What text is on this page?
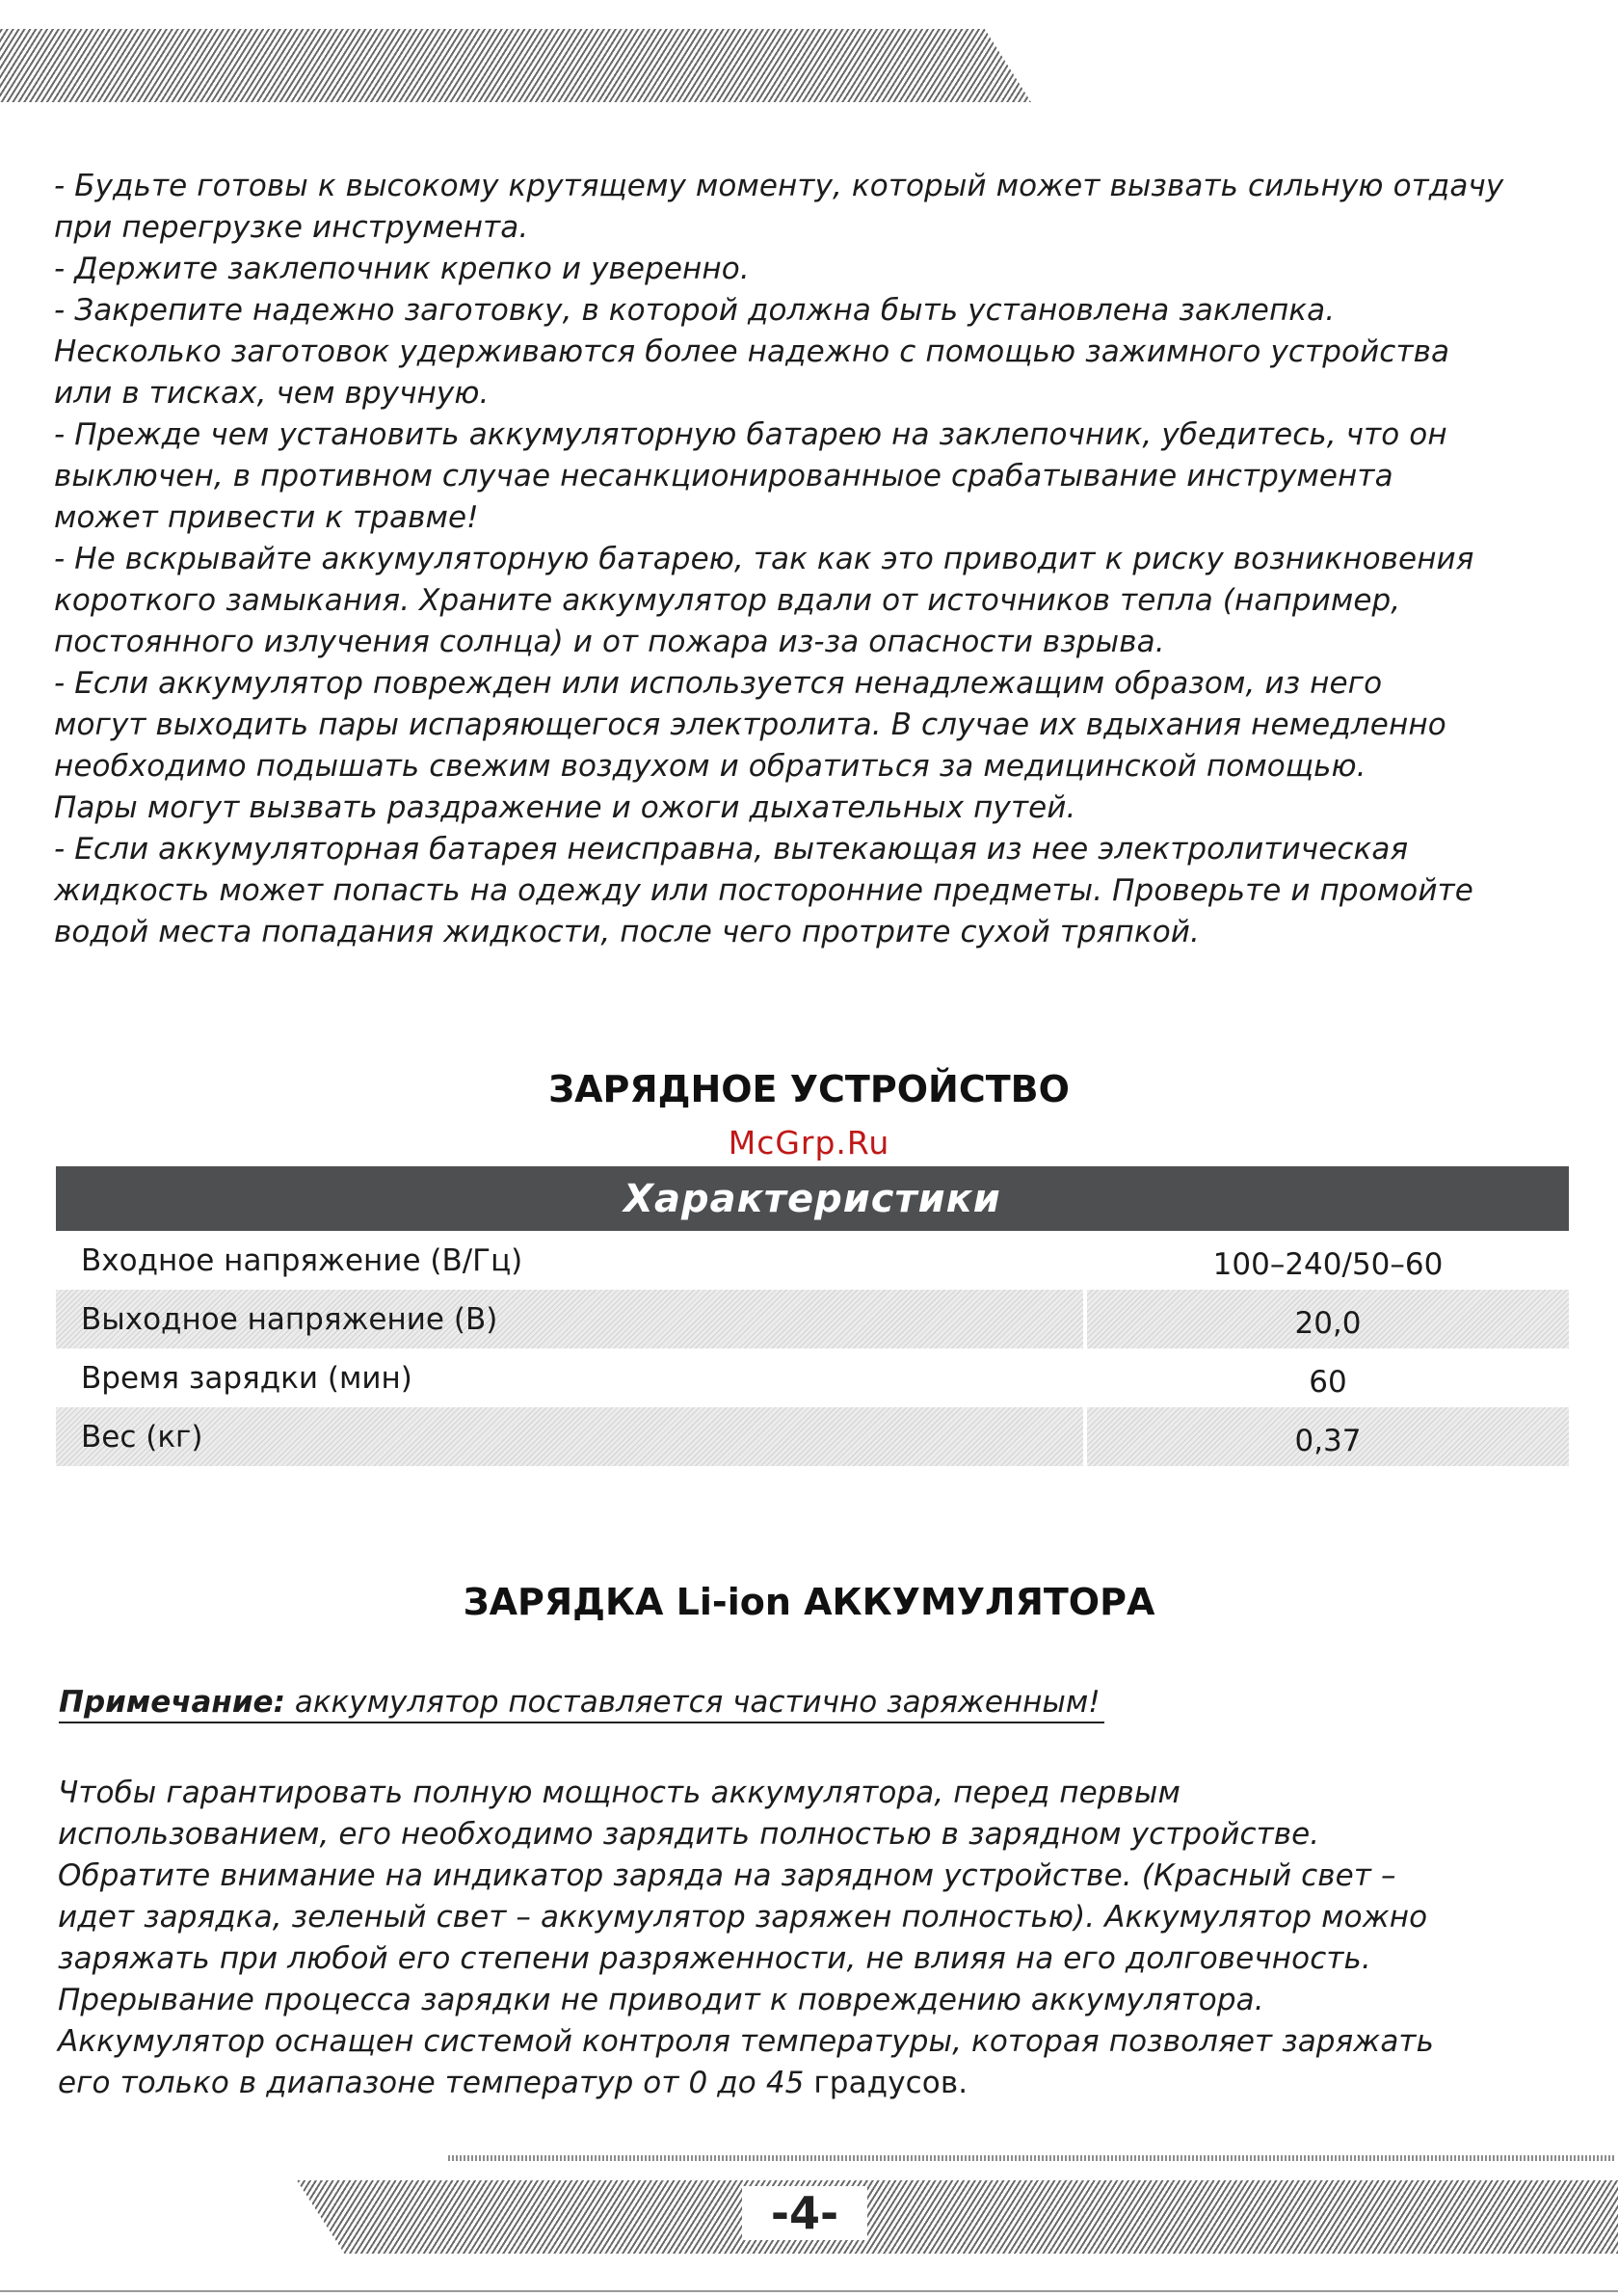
- Будьте готовы к высокому крутящему моменту, который может вызвать сильную отдачу
при перегрузке инструмента.
- Держите заклепочник крепко и уверенно.
- Закрепите надежно заготовку, в которой должна быть установлена заклепка.
Несколько заготовок удерживаются более надежно с помощью зажимного устройства
или в тисках, чем вручную.
- Прежде чем установить аккумуляторную батарею на заклепочник, убедитесь, что он
выключен, в противном случае несанкционированныое срабатывание инструмента
может привести к травме!
- Не вскрывайте аккумуляторную батарею, так как это приводит к риску возникновения
короткого замыкания. Храните аккумулятор вдали от источников тепла (например,
постоянного излучения солнца) и от пожара из-за опасности взрыва.
- Если аккумулятор поврежден или используется ненадлежащим образом, из него
могут выходить пары испаряющегося электролита. В случае их вдыхания немедленно
необходимо подышать свежим воздухом и обратиться за медицинской помощью.
Пары могут вызвать раздражение и ожоги дыхательных путей.
- Если аккумуляторная батарея неисправна, вытекающая из нее электролитическая
жидкость может попасть на одежду или посторонние предметы. Проверьте и промойте
водой места попадания жидкости, после чего протрите сухой тряпкой.
ЗАРЯДНОЕ УСТРОЙСТВО
McGrp.Ru
Характеристики	
Входное напряжение (В/Гц)	100–240/50–60
Выходное напряжение (В)	20,0
Время зарядки (мин)	60
Вес (кг)	0,37
ЗАРЯДКА Li-ion АККУМУЛЯТОРА
Примечание: аккумулятор поставляется частично заряженным!
Чтобы гарантировать полную мощность аккумулятора, перед первым
использованием, его необходимо зарядить полностью в зарядном устройстве.
Обратите внимание на индикатор заряда на зарядном устройстве. (Красный свет –
идет зарядка, зеленый свет – аккумулятор заряжен полностью). Аккумулятор можно
заряжать при любой его степени разряженности, не влияя на его долговечность.
Прерывание процесса зарядки не приводит к повреждению аккумулятора.
Аккумулятор оснащен системой контроля температуры, которая позволяет заряжать
его только в диапазоне температур от 0 до 45 градусов.
-4-
